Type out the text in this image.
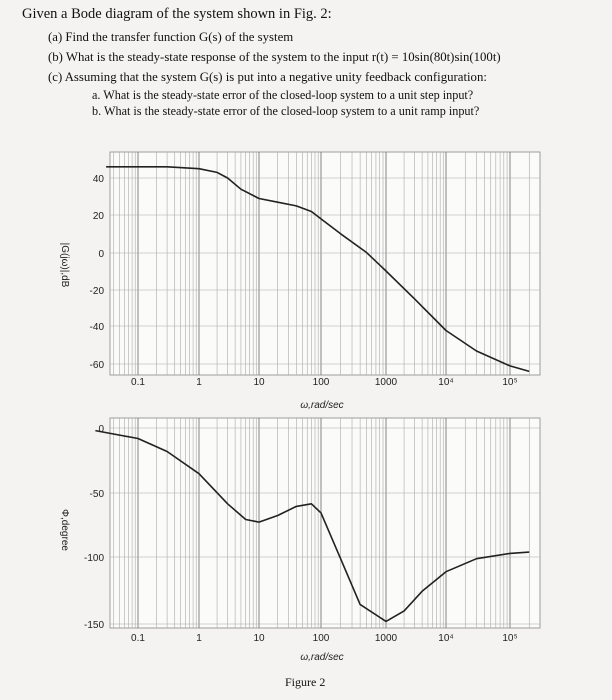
Given a Bode diagram of the system shown in Fig. 2:
(a) Find the transfer function G(s) of the system
(b) What is the steady-state response of the system to the input r(t) = 10sin(80t)sin(100t)
(c) Assuming that the system G(s) is put into a negative unity feedback configuration:
a. What is the steady-state error of the closed-loop system to a unit step input?
b. What is the steady-state error of the closed-loop system to a unit ramp input?
40
20
0
-20
-40
-60
0.1	1	10	100	1000	10⁴	10⁵
ω,rad/sec
|G(jω)|,dB
0
-50
-100
-150
0.1	1	10	100	1000	10⁴	10⁵
ω,rad/sec
Φ,degree
Figure 2
